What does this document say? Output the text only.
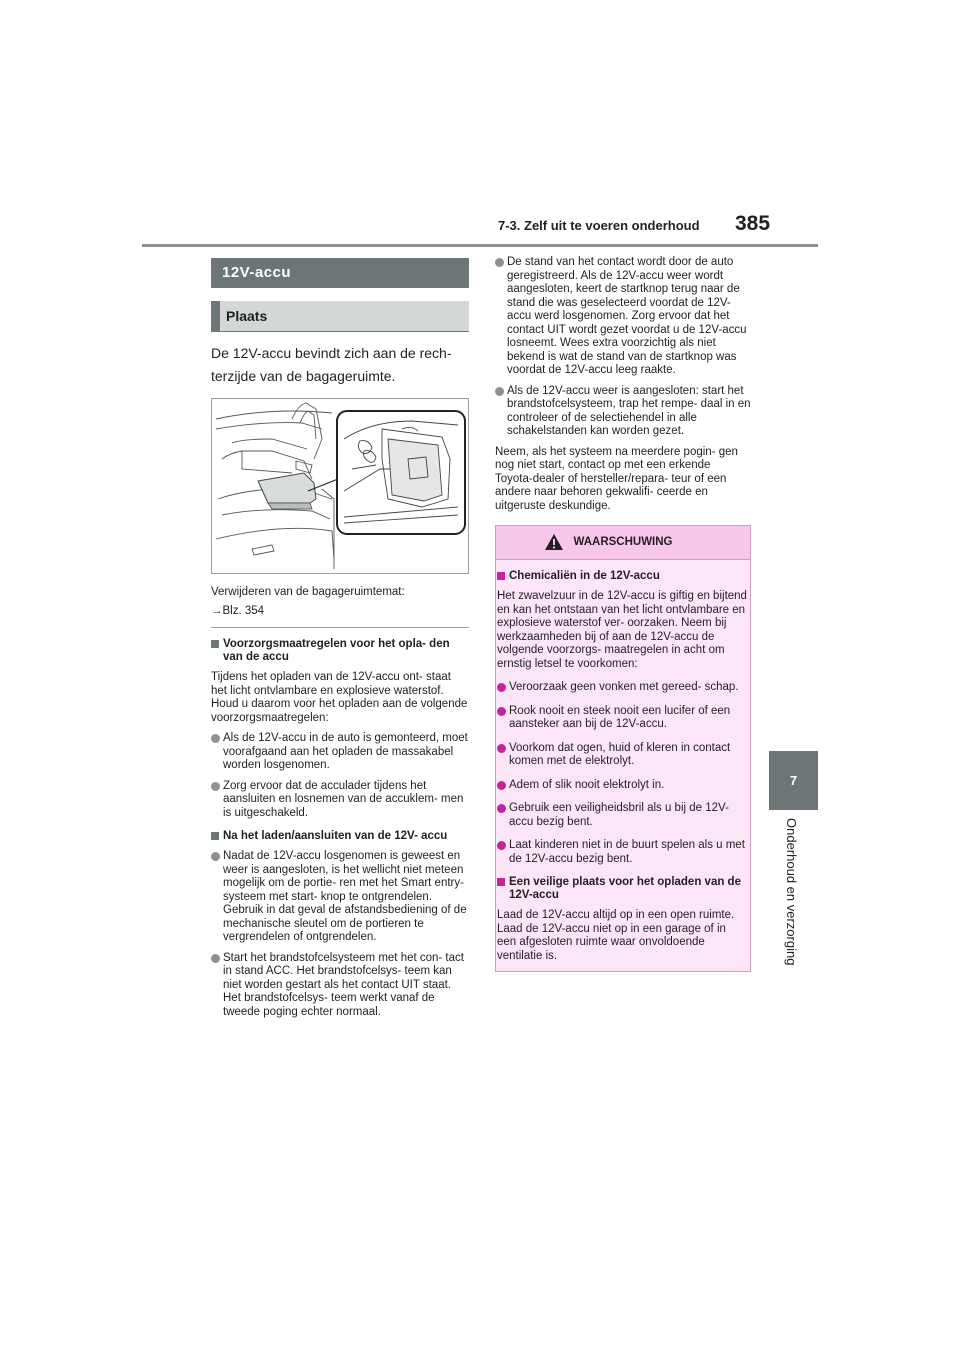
7-3. Zelf uit te voeren onderhoud 385
7
Onderhoud en verzorging
12V-accu
Plaats
De 12V-accu bevindt zich aan de rech- terzijde van de bagageruimte.
Verwijderen van de bagageruimtemat:
→Blz. 354
Voorzorgsmaatregelen voor het opla- den van de accu
Tijdens het opladen van de 12V-accu ont- staat het licht ontvlambare en explosieve waterstof. Houd u daarom voor het opladen aan de volgende voorzorgsmaatregelen:
Als de 12V-accu in de auto is gemonteerd, moet voorafgaand aan het opladen de massakabel worden losgenomen.
Zorg ervoor dat de acculader tijdens het aansluiten en losnemen van de accuklem- men is uitgeschakeld.
Na het laden/aansluiten van de 12V- accu
Nadat de 12V-accu losgenomen is geweest en weer is aangesloten, is het wellicht niet meteen mogelijk om de portie- ren met het Smart entry-systeem met start- knop te ontgrendelen. Gebruik in dat geval de afstandsbediening of de mechanische sleutel om de portieren te vergrendelen of ontgrendelen.
Start het brandstofcelsysteem met het con- tact in stand ACC. Het brandstofcelsys- teem kan niet worden gestart als het contact UIT staat. Het brandstofcelsys- teem werkt vanaf de tweede poging echter normaal.
De stand van het contact wordt door de auto geregistreerd. Als de 12V-accu weer wordt aangesloten, keert de startknop terug naar de stand die was geselecteerd voordat de 12V-accu werd losgenomen. Zorg ervoor dat het contact UIT wordt gezet voordat u de 12V-accu losneemt. Wees extra voorzichtig als niet bekend is wat de stand van de startknop was voordat de 12V-accu leeg raakte.
Als de 12V-accu weer is aangesloten: start het brandstofcelsysteem, trap het rempe- daal in en controleer of de selectiehendel in alle schakelstanden kan worden gezet.
Neem, als het systeem na meerdere pogin- gen nog niet start, contact op met een erkende Toyota-dealer of hersteller/repara- teur of een andere naar behoren gekwalifi- ceerde en uitgeruste deskundige.
WAARSCHUWING
Chemicaliën in de 12V-accu
Het zwavelzuur in de 12V-accu is giftig en bijtend en kan het ontstaan van het licht ontvlambare en explosieve waterstof ver- oorzaken. Neem bij werkzaamheden bij of aan de 12V-accu de volgende voorzorgs- maatregelen in acht om ernstig letsel te voorkomen:
Veroorzaak geen vonken met gereed- schap.
Rook nooit en steek nooit een lucifer of een aansteker aan bij de 12V-accu.
Voorkom dat ogen, huid of kleren in contact komen met de elektrolyt.
Adem of slik nooit elektrolyt in.
Gebruik een veiligheidsbril als u bij de 12V-accu bezig bent.
Laat kinderen niet in de buurt spelen als u met de 12V-accu bezig bent.
Een veilige plaats voor het opladen van de 12V-accu
Laad de 12V-accu altijd op in een open ruimte. Laad de 12V-accu niet op in een garage of in een afgesloten ruimte waar onvoldoende ventilatie is.
